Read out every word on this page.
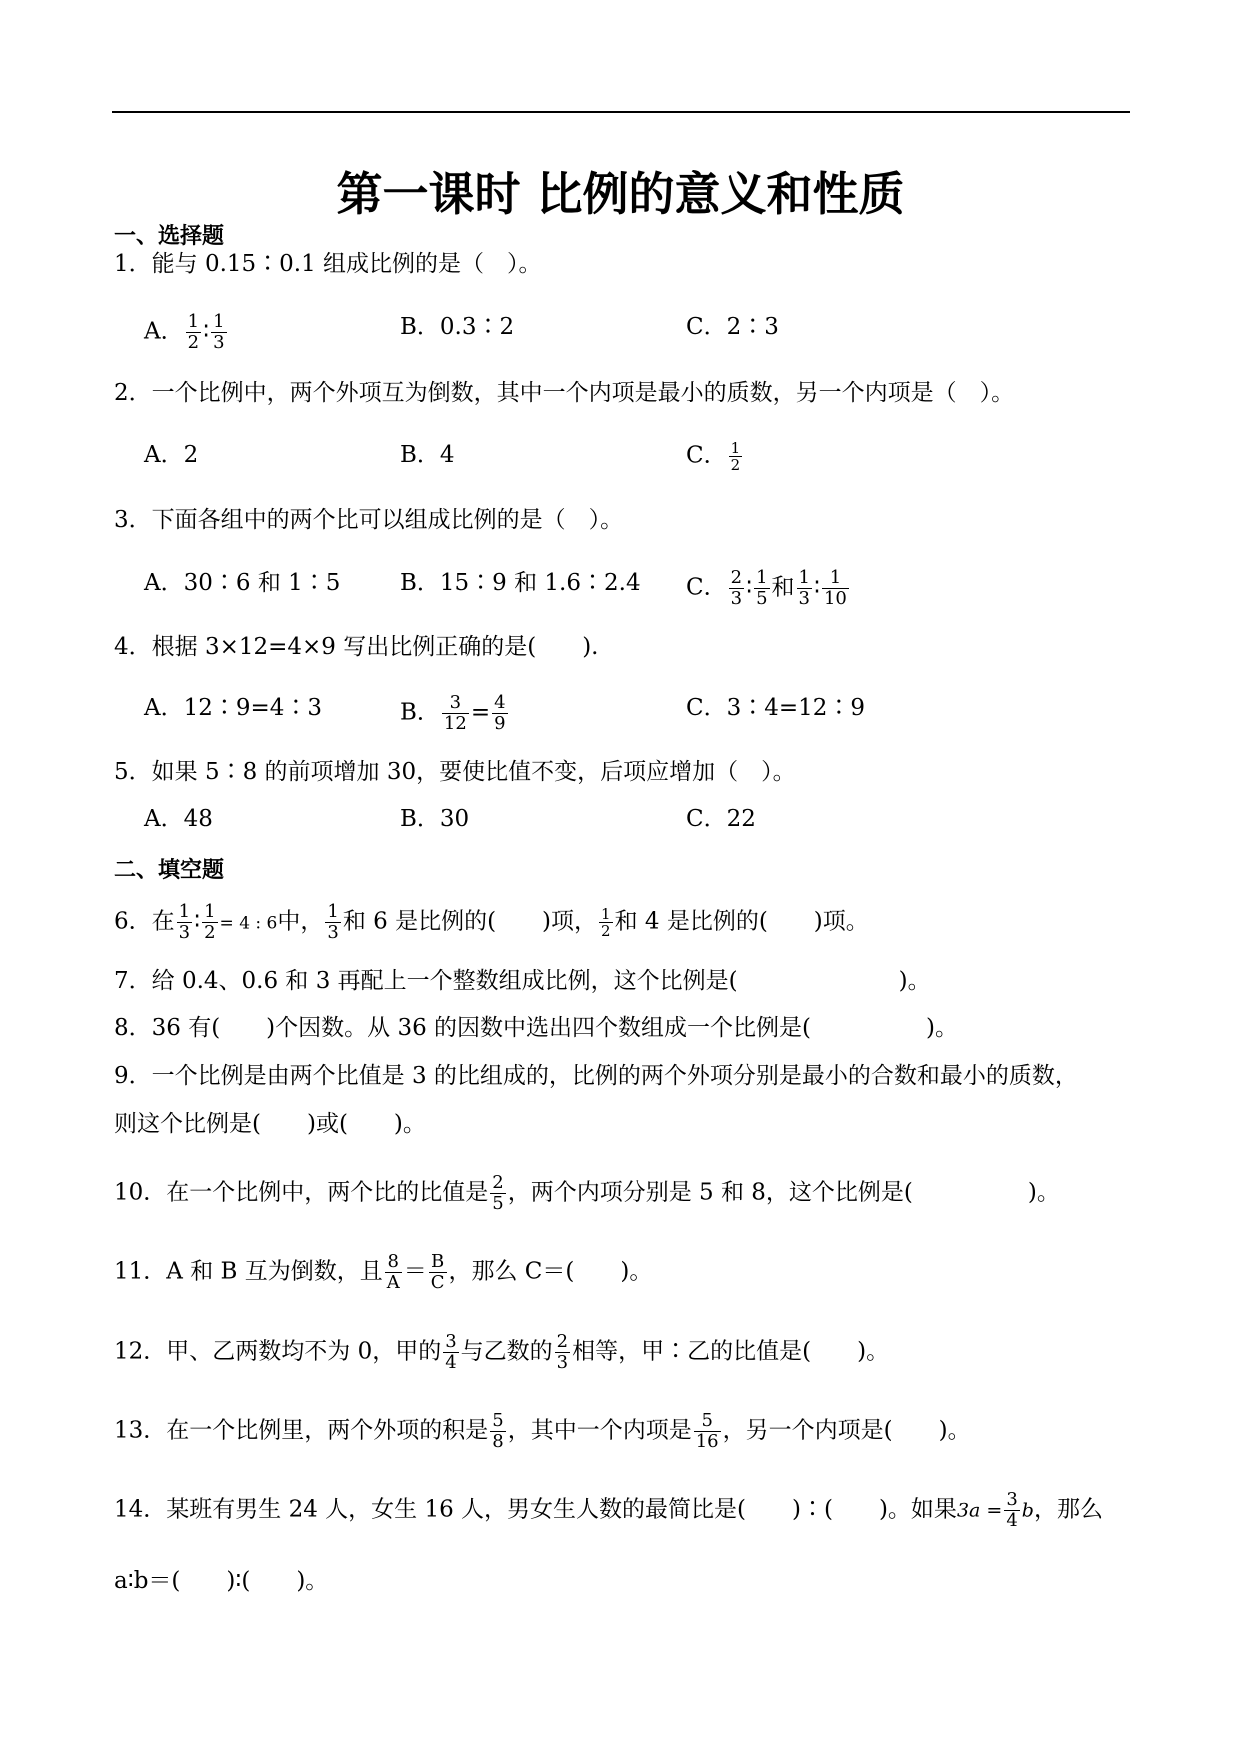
第一课时 比例的意义和性质
一、选择题
1．能与 0.15∶0.1 组成比例的是（　）。
A． $\frac{1}{2}$ ∶ $\frac{1}{3}$	B．0.3∶2	C．2∶3
2．一个比例中，两个外项互为倒数，其中一个内项是最小的质数，另一个内项是（　）。
A．2	B．4	C． $\frac{1}{2}$
3．下面各组中的两个比可以组成比例的是（　）。
A．30∶6 和 1∶5	B．15∶9 和 1.6∶2.4 C． $\frac{2}{3}$ ∶ $\frac{1}{5}$ 和 $\frac{1}{3}$ ∶ $\frac{1}{10}$
4．根据 3×12=4×9 写出比例正确的是(　　).
A．12∶9=4∶3	B． $\frac{3}{12} = \frac{4}{9}$	C．3∶4=12∶9
5．如果 5∶8 的前项增加 30，要使比值不变，后项应增加（　）。
A．48	B．30	C．22
二、填空题
6．在 $\frac{1}{3}$ ∶ $\frac{1}{2} = 4$ : 6中， $\frac{1}{3}$ 和 6 是比例的(　　)项， $\frac{1}{2}$ 和 4 是比例的(　　)项。
7．给 0.4、0.6 和 3 再配上一个整数组成比例，这个比例是(　　　　　　　)。
8．36 有(　　)个因数。从 36 的因数中选出四个数组成一个比例是(　　　　　)。
9．一个比例是由两个比值是 3 的比组成的，比例的两个外项分别是最小的合数和最小的质数，
则这个比例是(　　)或(　　)。
10．在一个比例中，两个比的比值是 $\frac{2}{5}$ ，两个内项分别是 5 和 8，这个比例是(　　　　　)。
11．A 和 B 互为倒数，且 $\frac{8}{A} = \frac{B}{C}$ ，那么 C＝(　　)。
12．甲、乙两数均不为 0，甲的 $\frac{3}{4}$ 与乙数的 $\frac{2}{3}$ 相等，甲∶乙的比值是(　　)。
13．在一个比例里，两个外项的积是 $\frac{5}{8}$ ，其中一个内项是 $\frac{5}{16}$ ，另一个内项是(　　)。
14．某班有男生 24 人，女生 16 人，男女生人数的最简比是(　　)∶(　　)。如果$3a = \frac{3}{4}$ b，那么
a∶b＝(　　)∶(　　)。
